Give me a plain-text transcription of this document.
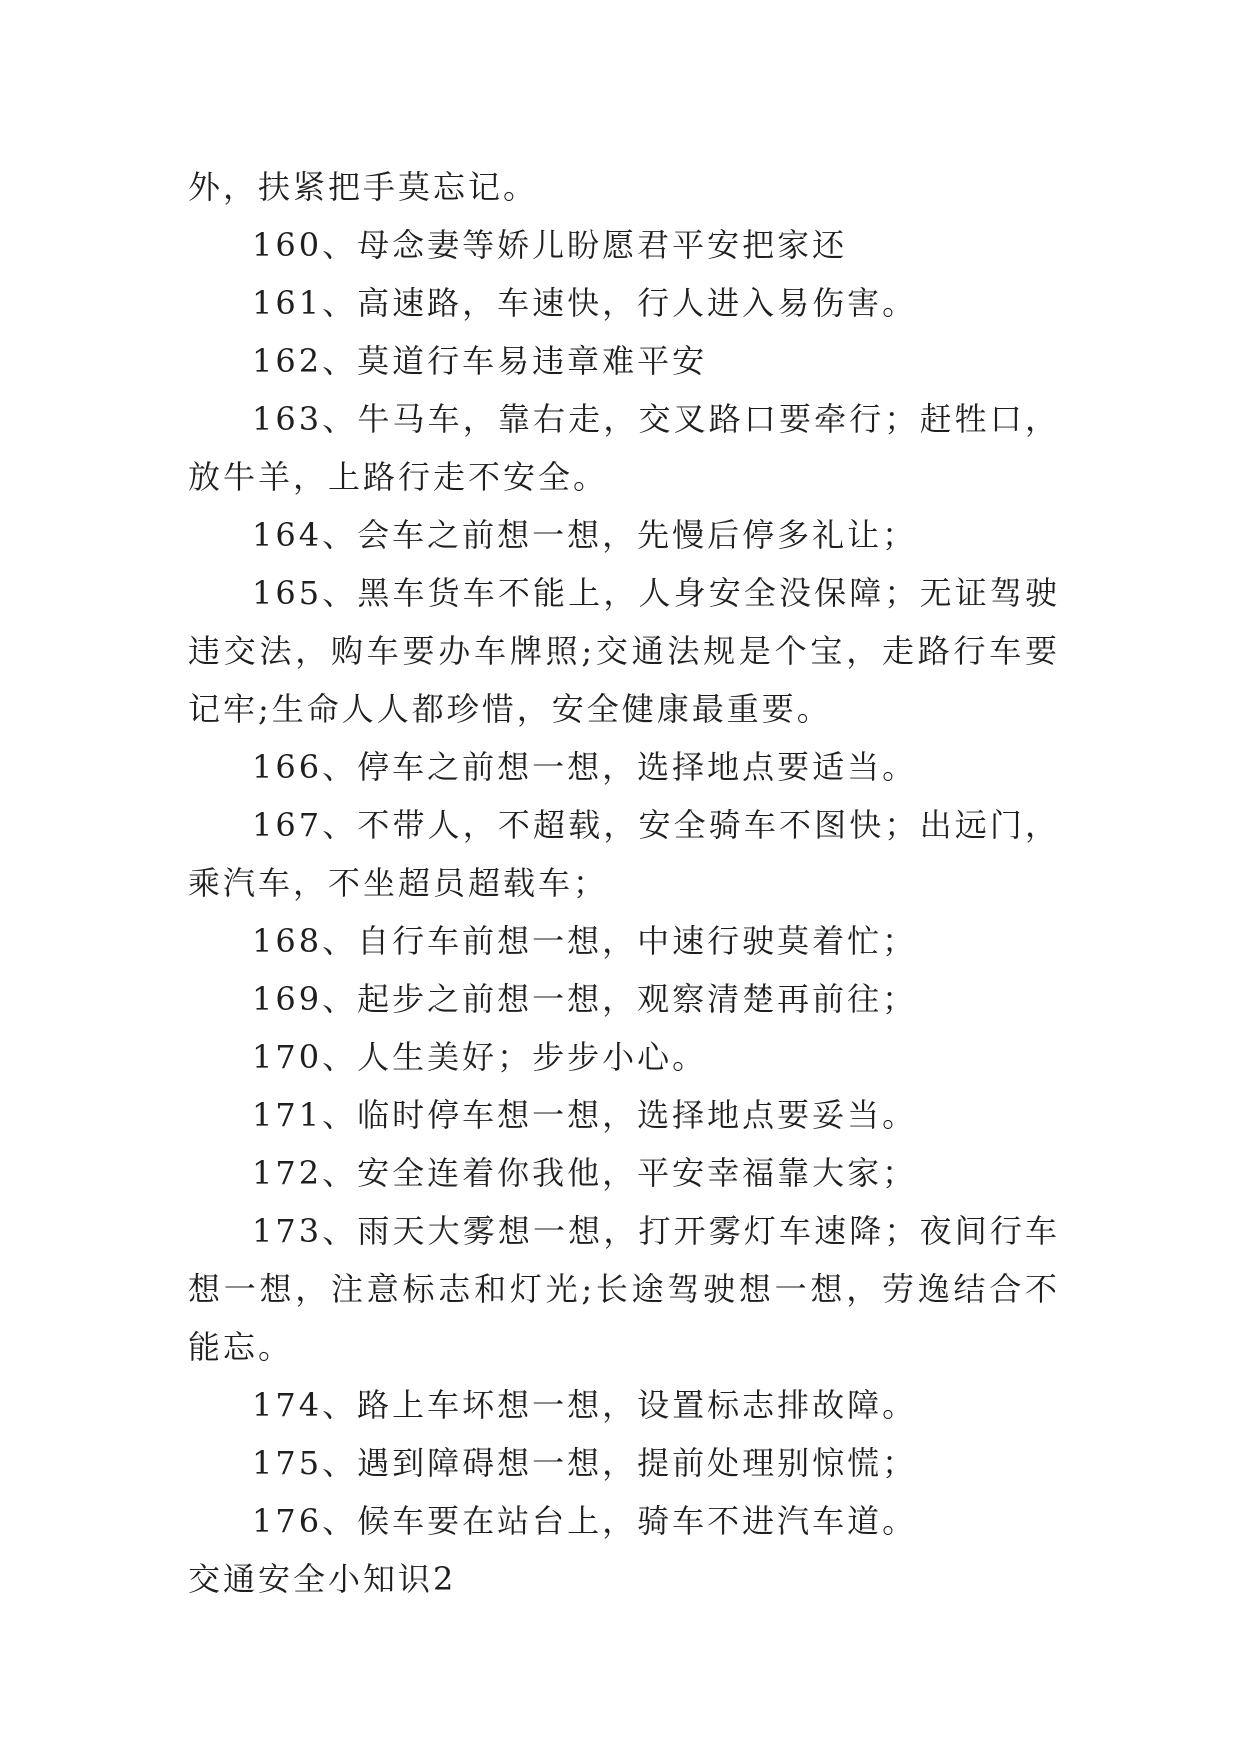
外，扶紧把手莫忘记。

160、母念妻等娇儿盼愿君平安把家还

161、高速路，车速快，行人进入易伤害。

162、莫道行车易违章难平安

163、牛马车，靠右走，交叉路口要牵行；赶牲口，放牛羊，上路行走不安全。

164、会车之前想一想，先慢后停多礼让；

165、黑车货车不能上，人身安全没保障；无证驾驶违交法，购车要办车牌照;交通法规是个宝，走路行车要记牢;生命人人都珍惜，安全健康最重要。

166、停车之前想一想，选择地点要适当。

167、不带人，不超载，安全骑车不图快；出远门，乘汽车，不坐超员超载车；

168、自行车前想一想，中速行驶莫着忙；

169、起步之前想一想，观察清楚再前往；

170、人生美好；步步小心。

171、临时停车想一想，选择地点要妥当。

172、安全连着你我他，平安幸福靠大家；

173、雨天大雾想一想，打开雾灯车速降；夜间行车想一想，注意标志和灯光;长途驾驶想一想，劳逸结合不能忘。

174、路上车坏想一想，设置标志排故障。

175、遇到障碍想一想，提前处理别惊慌；

176、候车要在站台上，骑车不进汽车道。

交通安全小知识2
